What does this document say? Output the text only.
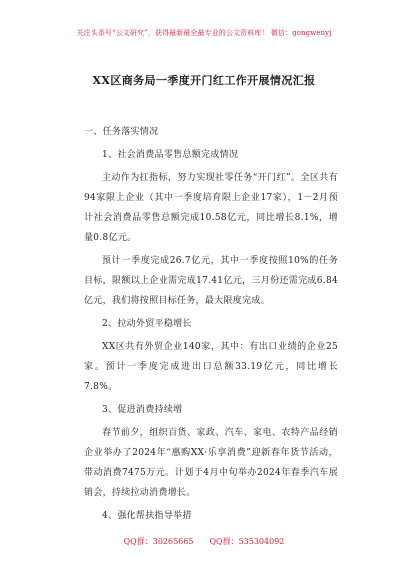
关注头条号“公文研究”，获得最新最全最专业的公文资料库！ 微信：gongwenyj
XX区商务局一季度开门红工作开展情况汇报

一、任务落实情况

1、社会消费品零售总额完成情况

主动作为扛指标，努力实现社零任务“开门红”。全区共有94家限上企业（其中一季度培育限上企业17家），1－2月预计社会消费品零售总额完成10.58亿元，同比增长8.1%，增量0.8亿元。

预计一季度完成26.7亿元，其中一季度按照10%的任务目标，限额以上企业需完成17.41亿元，三月份还需完成6.84亿元，我们将按照目标任务，最大限度完成。

2、拉动外贸平稳增长

XX区共有外贸企业140家，其中：有出口业绩的企业25家。预计一季度完成进出口总额33.19亿元，同比增长7.8%。

3、促进消费持续增

春节前夕，组织百货、家政、汽车、家电、农特产品经销企业举办了2024年“惠购XX·乐享消费”迎新春年货节活动，带动消费7475万元。计划于4月中旬举办2024年春季汽车展销会，持续拉动消费增长。

4、强化帮扶指导举措

QQ群：30265665 QQ群：535304092
